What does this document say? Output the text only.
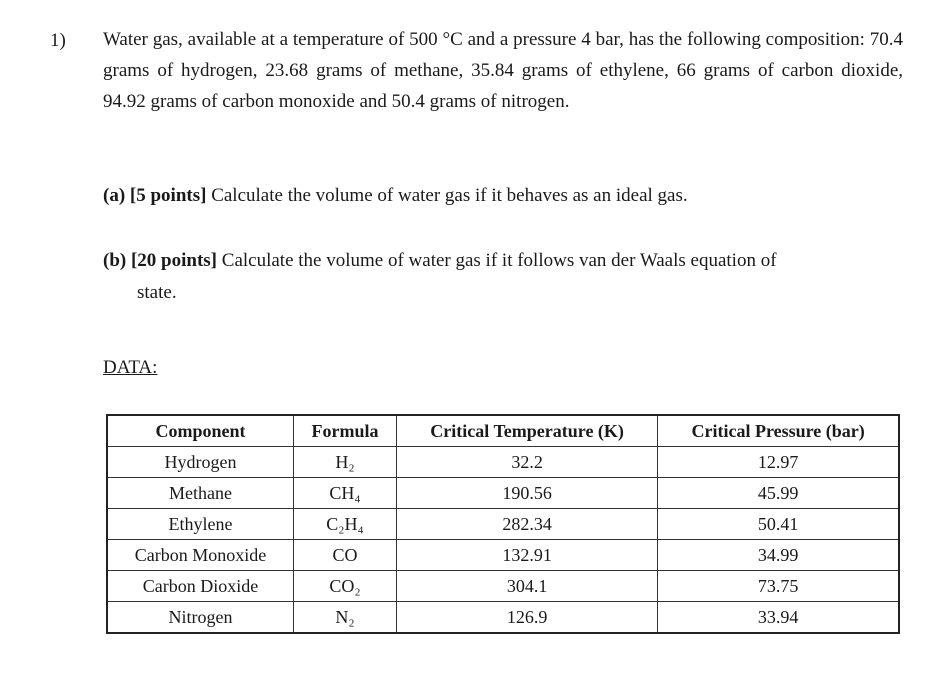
1) Water gas, available at a temperature of 500 °C and a pressure 4 bar, has the following composition: 70.4 grams of hydrogen, 23.68 grams of methane, 35.84 grams of ethylene, 66 grams of carbon dioxide, 94.92 grams of carbon monoxide and 50.4 grams of nitrogen.
(a) [5 points] Calculate the volume of water gas if it behaves as an ideal gas.
(b) [20 points] Calculate the volume of water gas if it follows van der Waals equation of
state.
DATA:
Component	Formula	Critical Temperature (K)	Critical Pressure (bar)
Hydrogen	H₂	32.2	12.97
Methane	CH₄	190.56	45.99
Ethylene	C₂H₄	282.34	50.41
Carbon Monoxide	CO	132.91	34.99
Carbon Dioxide	CO₂	304.1	73.75
Nitrogen	N₂	126.9	33.94
